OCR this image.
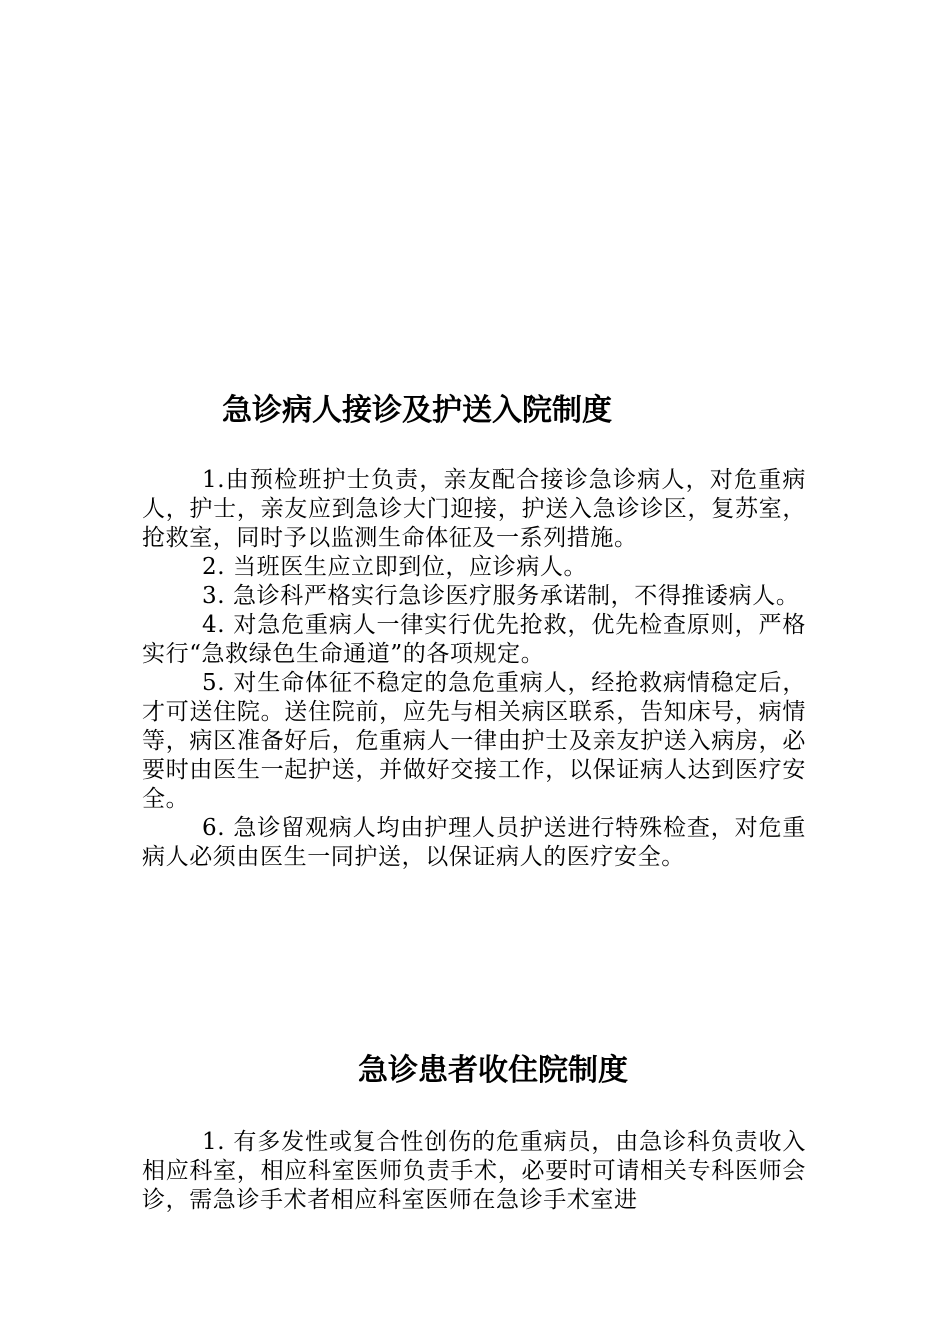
急诊病人接诊及护送入院制度

1.由预检班护士负责，亲友配合接诊急诊病人，对危重病人，护士，亲友应到急诊大门迎接，护送入急诊诊区，复苏室，抢救室，同时予以监测生命体征及一系列措施。

2. 当班医生应立即到位，应诊病人。

3. 急诊科严格实行急诊医疗服务承诺制，不得推诿病人。

4. 对急危重病人一律实行优先抢救，优先检查原则，严格实行“急救绿色生命通道”的各项规定。

5. 对生命体征不稳定的急危重病人，经抢救病情稳定后，才可送住院。送住院前，应先与相关病区联系，告知床号，病情等，病区准备好后，危重病人一律由护士及亲友护送入病房，必要时由医生一起护送，并做好交接工作，以保证病人达到医疗安全。

6. 急诊留观病人均由护理人员护送进行特殊检查，对危重病人必须由医生一同护送，以保证病人的医疗安全。

急诊患者收住院制度

1. 有多发性或复合性创伤的危重病员，由急诊科负责收入相应科室，相应科室医师负责手术，必要时可请相关专科医师会诊，需急诊手术者相应科室医师在急诊手术室进
